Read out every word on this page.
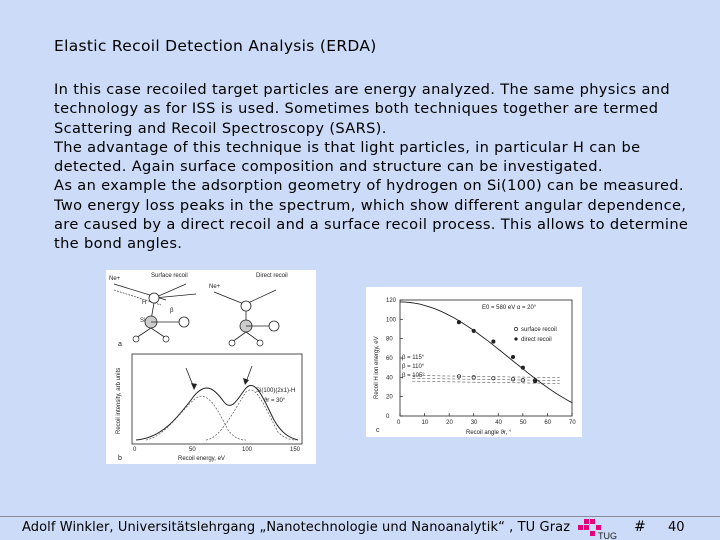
Elastic Recoil Detection Analysis (ERDA)
In this case recoiled target particles are energy analyzed. The same physics and
technology as for ISS is used. Sometimes both techniques together are termed
Scattering and Recoil Spectroscopy (SARS).
The advantage of this technique is that light particles, in particular H can be
detected. Again surface composition and structure can be investigated.
As an example the adsorption geometry of hydrogen on Si(100) can be measured.
Two energy loss peaks in the spectrum, which show different angular dependence,
are caused by a direct recoil and a surface recoil process. This allows to determine
the bond angles.
Ne+	Surface recoil	Direct recoil
H
Si
β
Ne+
a
Recoil intensity, arb units	Si(100)(2x1)-H
ϑr = 30°
0	50	100	150
Recoil energy, eV
b
Recoil H ion energy, eV
Recoil angle ϑr, °
E0 = 580 eV α = 20°
surface recoil
direct recoil
β = 115°
β = 110°
β = 105°
c
0	10	20	30	40	50	60	70
0
20
40
60
80
100
120
Adolf Winkler, Universitätslehrgang „Nanotechnologie und Nanoanalytik“ , TU Graz
TUG
# 40
